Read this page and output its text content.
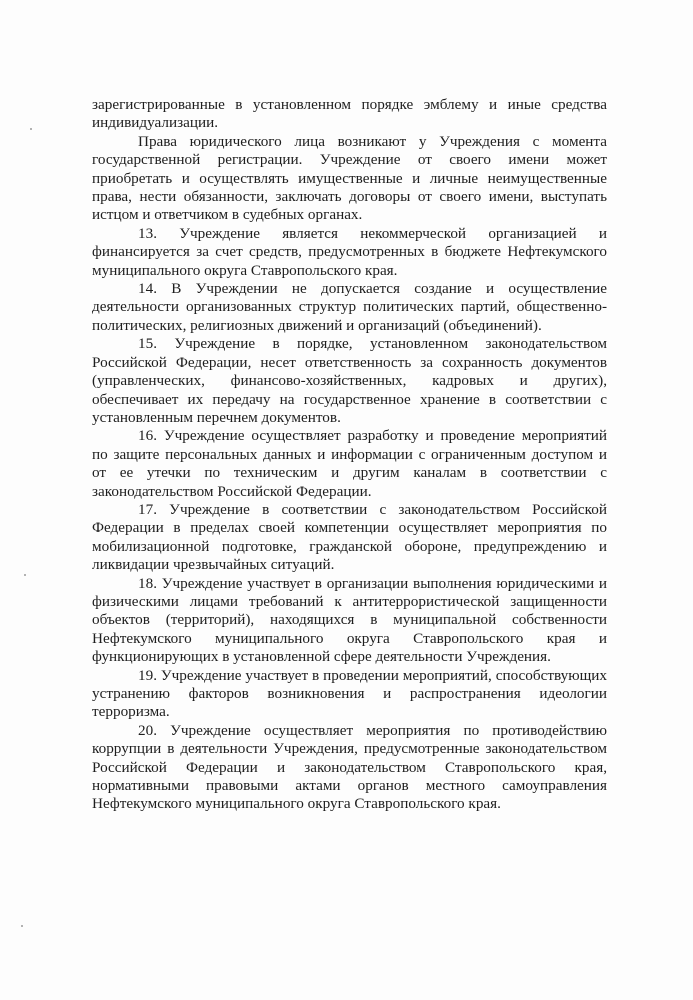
зарегистрированные в установленном порядке эмблему и иные средства индивидуализации.

Права юридического лица возникают у Учреждения с момента государственной регистрации. Учреждение от своего имени может приобретать и осуществлять имущественные и личные неимущественные права, нести обязанности, заключать договоры от своего имени, выступать истцом и ответчиком в судебных органах.

13. Учреждение является некоммерческой организацией и финансируется за счет средств, предусмотренных в бюджете Нефтекумского муниципального округа Ставропольского края.

14. В Учреждении не допускается создание и осуществление деятельности организованных структур политических партий, общественно-политических, религиозных движений и организаций (объединений).

15. Учреждение в порядке, установленном законодательством Российской Федерации, несет ответственность за сохранность документов (управленческих, финансово-хозяйственных, кадровых и других), обеспечивает их передачу на государственное хранение в соответствии с установленным перечнем документов.

16. Учреждение осуществляет разработку и проведение мероприятий по защите персональных данных и информации с ограниченным доступом и от ее утечки по техническим и другим каналам в соответствии с законодательством Российской Федерации.

17. Учреждение в соответствии с законодательством Российской Федерации в пределах своей компетенции осуществляет мероприятия по мобилизационной подготовке, гражданской обороне, предупреждению и ликвидации чрезвычайных ситуаций.

18. Учреждение участвует в организации выполнения юридическими и физическими лицами требований к антитеррористической защищенности объектов (территорий), находящихся в муниципальной собственности Нефтекумского муниципального округа Ставропольского края и функционирующих в установленной сфере деятельности Учреждения.

19. Учреждение участвует в проведении мероприятий, способствующих устранению факторов возникновения и распространения идеологии терроризма.

20. Учреждение осуществляет мероприятия по противодействию коррупции в деятельности Учреждения, предусмотренные законодательством Российской Федерации и законодательством Ставропольского края, нормативными правовыми актами органов местного самоуправления Нефтекумского муниципального округа Ставропольского края.
